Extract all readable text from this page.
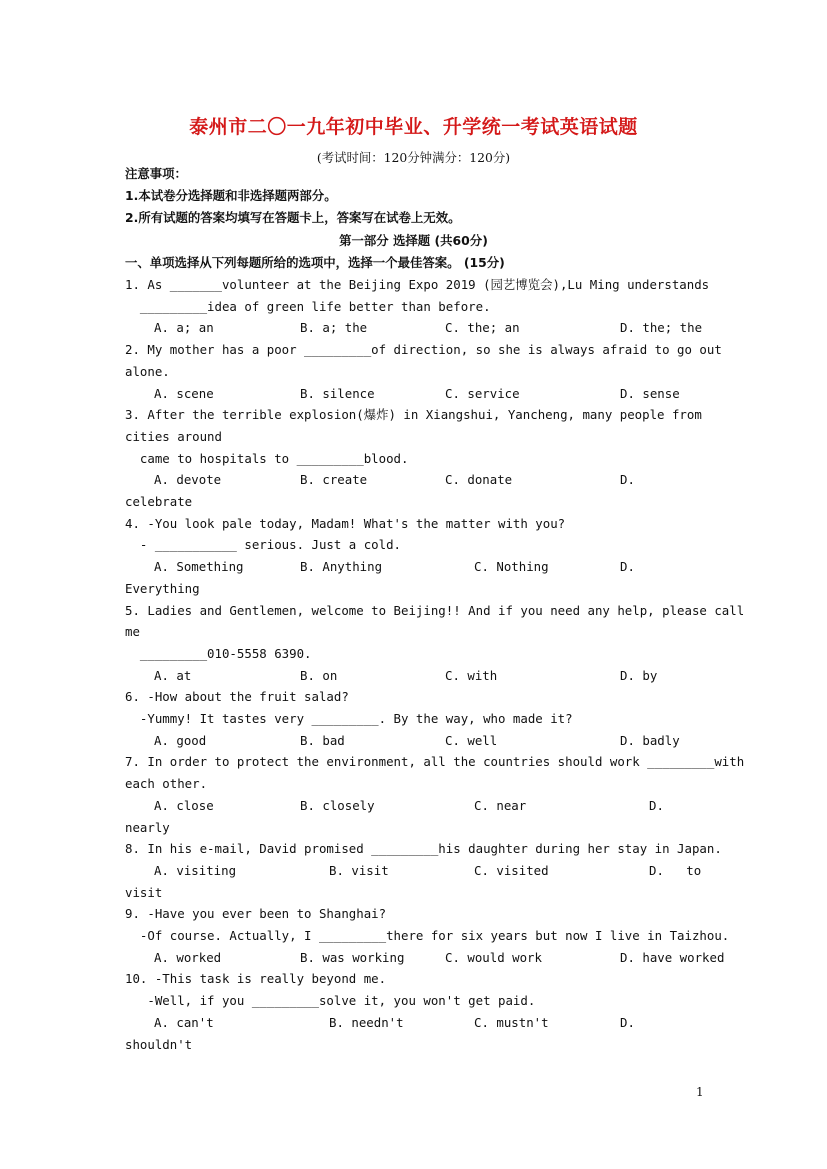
泰州市二〇一九年初中毕业、升学统一考试英语试题
(考试时间：120分钟满分：120分)
注意事项：
1.本试卷分选择题和非选择题两部分。
2.所有试题的答案均填写在答题卡上，答案写在试卷上无效。
第一部分 选择题 (共60分)
一、单项选择从下列每题所给的选项中，选择一个最佳答案。 (15分)
1. As _______volunteer at the Beijing Expo 2019 (园艺博览会),Lu Ming understands
_________idea of green life better than before.
A. a; an	B. a; the	C. the; an	D. the; the
2. My mother has a poor _________of direction, so she is always afraid to go out
alone.
A. scene	B. silence	C. service	D. sense
3. After the terrible explosion(爆炸) in Xiangshui, Yancheng, many people from
cities around
came to hospitals to _________blood.
A. devote	B. create	C. donate	D.
celebrate
4. -You look pale today, Madam! What's the matter with you?
- ___________ serious. Just a cold.
A. Something	B. Anything	C. Nothing	D.
Everything
5. Ladies and Gentlemen, welcome to Beijing!! And if you need any help, please call
me
_________010-5558 6390.
A. at	B. on	C. with	D. by
6. -How about the fruit salad?
-Yummy! It tastes very _________. By the way, who made it?
A. good	B. bad	C. well	D. badly
7. In order to protect the environment, all the countries should work _________with
each other.
A. close	B. closely	C. near	D.
nearly
8. In his e-mail, David promised _________his daughter during her stay in Japan.
A. visiting	B. visit	C. visited	D.   to
visit
9. -Have you ever been to Shanghai?
-Of course. Actually, I _________there for six years but now I live in Taizhou.
A. worked	B. was working	C. would work	D. have worked
10. -This task is really beyond me.
-Well, if you _________solve it, you won't get paid.
A. can't	B. needn't	C. mustn't	D.
shouldn't
1
